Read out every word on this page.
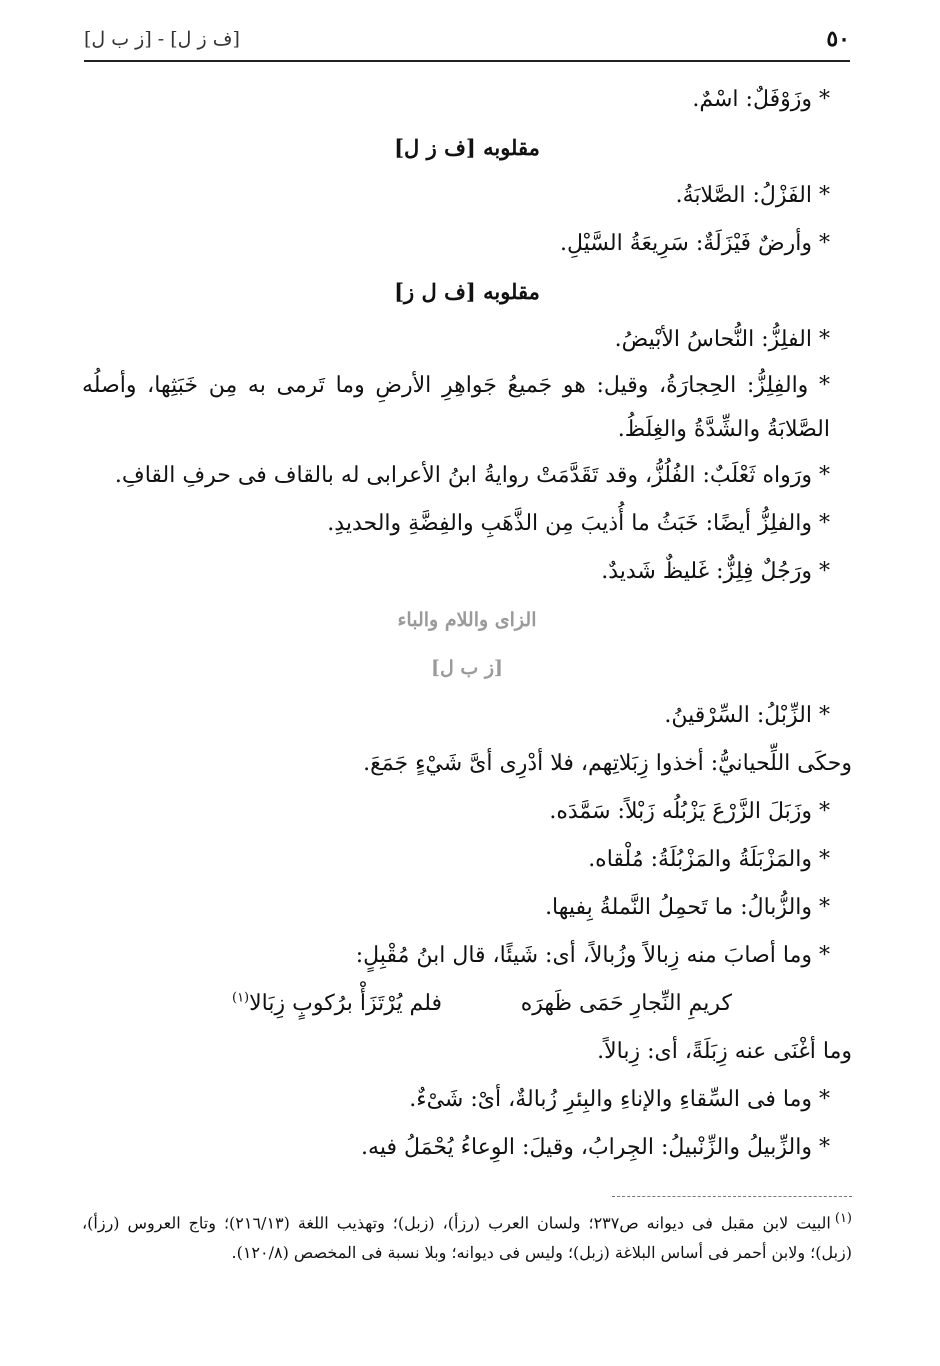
٥٠
[ف ز ل] - [ز ب ل]
* وزَوْفَلٌ: اسْمٌ.
مقلوبه [ف ز ل]
* الفَزْلُ: الصَّلابَةُ.
* وأرضٌ فَيْزَلَةٌ: سَرِيعَةُ السَّيْلِ.
مقلوبه [ف ل ز]
* الفلِزُّ: النُّحاسُ الأبْيضُ.
* والفِلِزُّ: الحِجارَةُ، وقيل: هو جَميعُ جَواهِرِ الأرضِ وما تَرمى به مِن خَبَثِها، وأصلُه الصَّلابَةُ والشِّدَّةُ والغِلَظُ.
* ورَواه ثَعْلَبٌ: الفُلُزُّ، وقد تَقَدَّمَتْ روايةُ ابنُ الأعرابى له بالقاف فى حرفِ القافِ.
* والفلِزُّ أيضًا: خَبَثُ ما أُذيبَ مِن الذَّهَبِ والفِضَّةِ والحديدِ.
* ورَجُلٌ فِلِزٌّ: غَليظٌ شَديدٌ.
الزاى واللام والباء
[ز ب ل]
* الزِّبْلُ: السِّرْقينُ.
وحكَى اللِّحيانيُّ: أخذوا زِبَلاتِهم، فلا أدْرِى أىَّ شَيْءٍ جَمَعَ.
* وزَبَلَ الزَّرْعَ يَزْبُلُه زَبْلاً: سَمَّدَه.
* والمَزْبَلَةُ والمَزْبُلَةُ: مُلْقاه.
* والزُّبالُ: ما تَحمِلُ النَّملةُ بِفيها.
* وما أصابَ منه زِبالاً وزُبالاً، أى: شَيئًا، قال ابنُ مُقْبِلٍ:
كريمِ النِّجارِ حَمَى ظَهرَه
فلم يُرْتَزَأْ برُكوبٍ زِبَالا$^{(١)}$
وما أغْنَى عنه زِبَلَةً، أى: زِبالاً.
* وما فى السِّقاءِ والإناءِ والبِئرِ زُبالةٌ، أىْ: شَىْءٌ.
* والزِّبيلُ والزِّنْبيلُ: الجِرابُ، وقيلَ: الوِعاءُ يُحْمَلُ فيه.
$^{(١)}$البيت لابن مقبل فى ديوانه ص٢٣٧؛ ولسان العرب (رزأ)، (زبل)؛ وتهذيب اللغة (٢١٦/١٣)؛ وتاج العروس (رزأ)، (زبل)؛ ولابن أحمر فى أساس البلاغة (زبل)؛ وليس فى ديوانه؛ وبلا نسبة فى المخصص (١٢٠/٨).
